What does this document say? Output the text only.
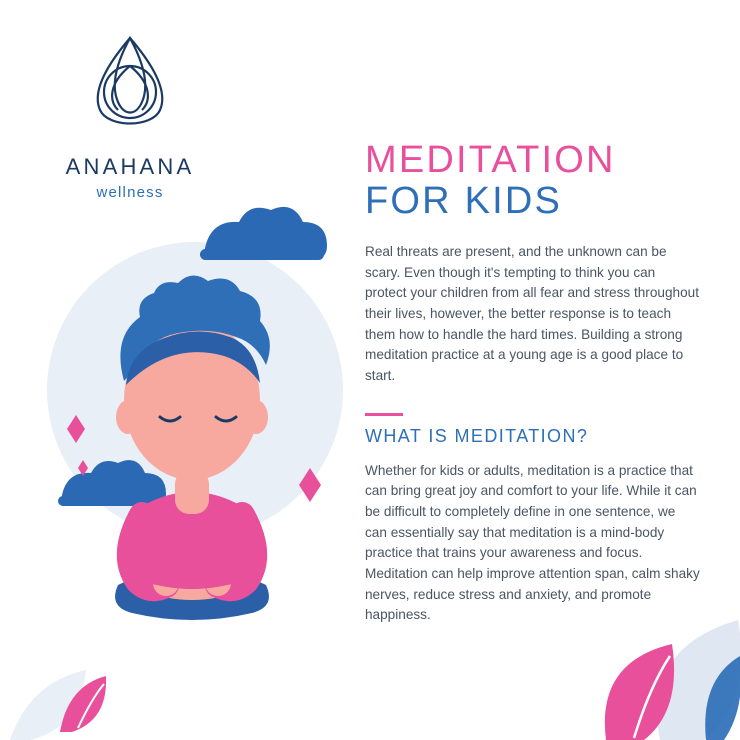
ANAHANA
wellness
MEDITATION
FOR KIDS

Real threats are present, and the unknown can be scary. Even though it's tempting to think you can protect your children from all fear and stress throughout their lives, however, the better response is to teach them how to handle the hard times. Building a strong meditation practice at a young age is a good place to start.

WHAT IS MEDITATION?

Whether for kids or adults, meditation is a practice that can bring great joy and comfort to your life. While it can be difficult to completely define in one sentence, we can essentially say that meditation is a mind-body practice that trains your awareness and focus. Meditation can help improve attention span, calm shaky nerves, reduce stress and anxiety, and promote happiness.
